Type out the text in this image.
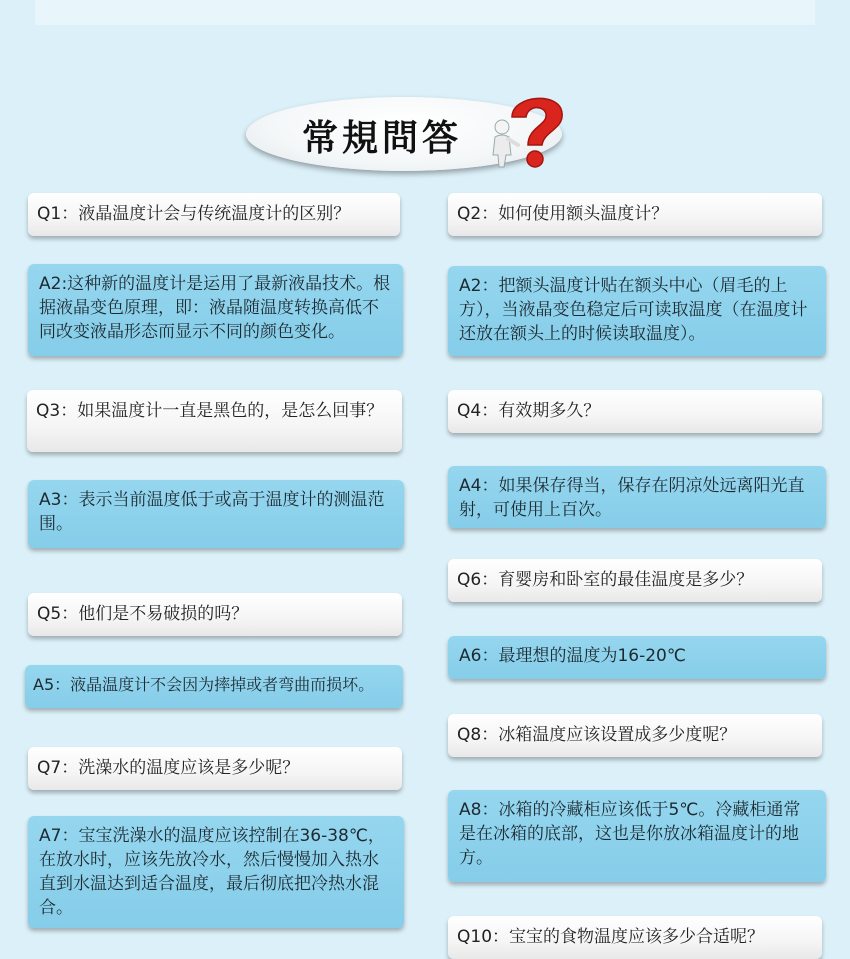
常規問答
Q1：液晶温度计会与传统温度计的区别？
A2:这种新的温度计是运用了最新液晶技术。根据液晶变色原理，即：液晶随温度转换高低不同改变液晶形态而显示不同的颜色变化。
Q3：如果温度计一直是黑色的，是怎么回事？
A3：表示当前温度低于或高于温度计的测温范围。
Q5：他们是不易破损的吗？
A5：液晶温度计不会因为摔掉或者弯曲而损坏。
Q7：洗澡水的温度应该是多少呢？
A7：宝宝洗澡水的温度应该控制在36-38℃，在放水时，应该先放冷水，然后慢慢加入热水直到水温达到适合温度，最后彻底把冷热水混合。
Q2：如何使用额头温度计？
A2：把额头温度计贴在额头中心（眉毛的上方），当液晶变色稳定后可读取温度（在温度计还放在额头上的时候读取温度）。
Q4：有效期多久？
A4：如果保存得当，保存在阴凉处远离阳光直射，可使用上百次。
Q6：育婴房和卧室的最佳温度是多少？
A6：最理想的温度为16-20℃
Q8：冰箱温度应该设置成多少度呢？
A8：冰箱的冷藏柜应该低于5℃。冷藏柜通常是在冰箱的底部，这也是你放冰箱温度计的地方。
Q10：宝宝的食物温度应该多少合适呢？
